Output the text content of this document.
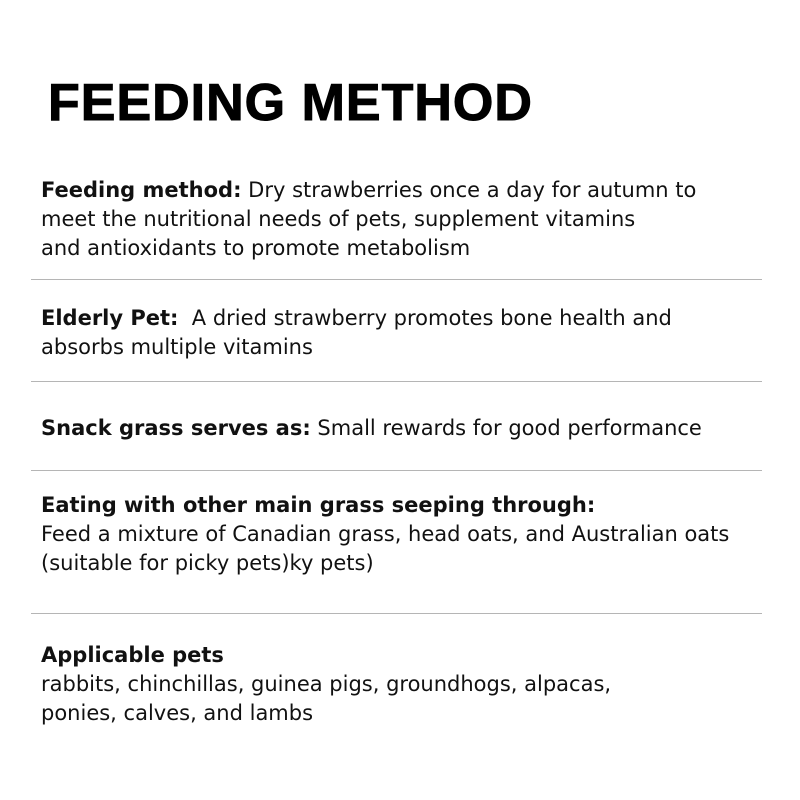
FEEDING METHOD
Feeding method: Dry strawberries once a day for autumn to
meet the nutritional needs of pets, supplement vitamins
and antioxidants to promote metabolism
Elderly Pet:  A dried strawberry promotes bone health and
absorbs multiple vitamins
Snack grass serves as: Small rewards for good performance
Eating with other main grass seeping through:
Feed a mixture of Canadian grass, head oats, and Australian oats
(suitable for picky pets)ky pets)
Applicable pets
rabbits, chinchillas, guinea pigs, groundhogs, alpacas,
ponies, calves, and lambs
